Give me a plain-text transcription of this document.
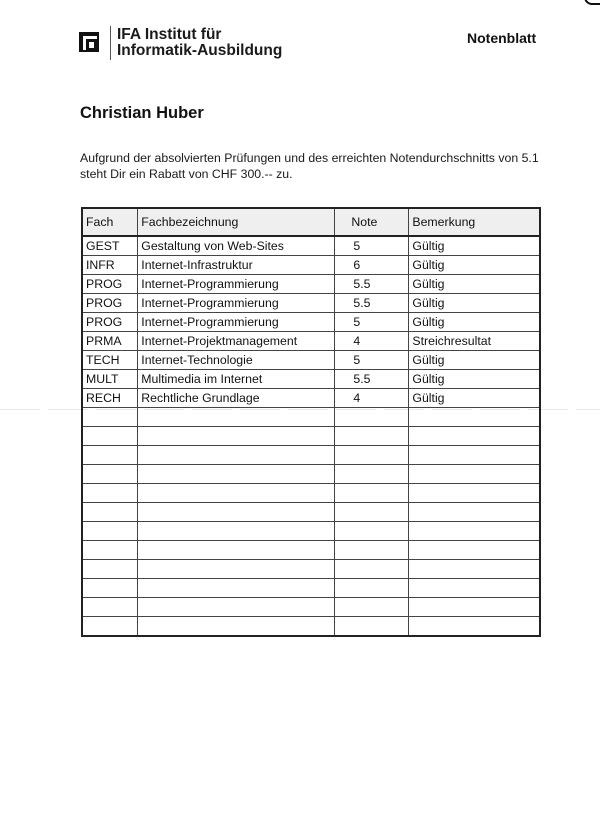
IFA Institut für
Informatik-Ausbildung
Notenblatt
Christian Huber
Aufgrund der absolvierten Prüfungen und des erreichten Notendurchschnitts von 5.1
steht Dir ein Rabatt von CHF 300.-- zu.
Fach	Fachbezeichnung	Note	Bemerkung
GEST	Gestaltung von Web-Sites	5	Gültig
INFR	Internet-Infrastruktur	6	Gültig
PROG	Internet-Programmierung	5.5	Gültig
PROG	Internet-Programmierung	5.5	Gültig
PROG	Internet-Programmierung	5	Gültig
PRMA	Internet-Projektmanagement	4	Streichresultat
TECH	Internet-Technologie	5	Gültig
MULT	Multimedia im Internet	5.5	Gültig
RECH	Rechtliche Grundlage	4	Gültig
